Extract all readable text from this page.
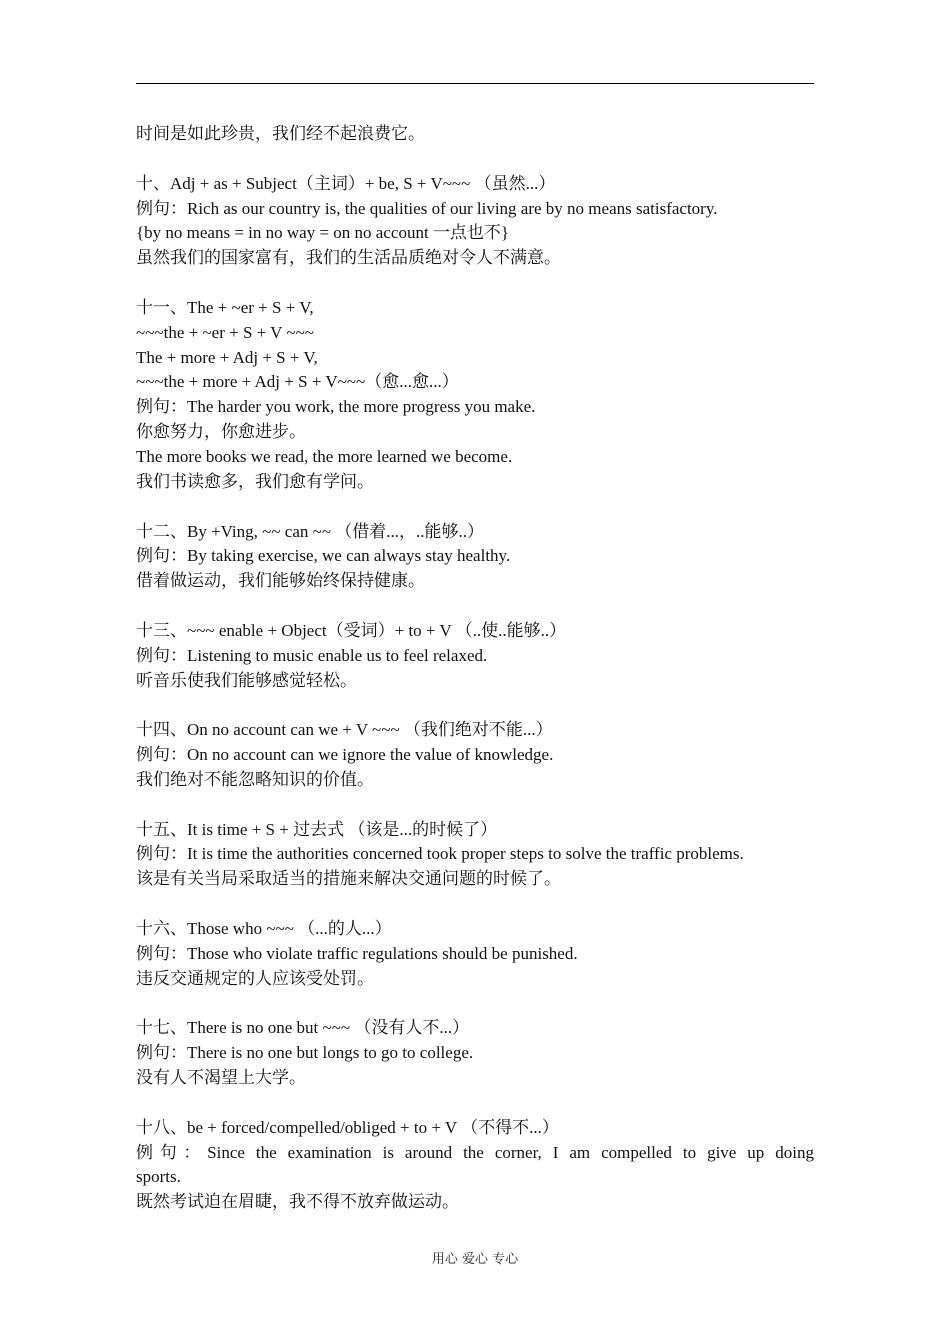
时间是如此珍贵，我们经不起浪费它。
十、Adj + as + Subject（主词）+ be, S + V~~~ （虽然...）
例句：Rich as our country is, the qualities of our living are by no means satisfactory.
{by no means = in no way = on no account 一点也不}
虽然我们的国家富有，我们的生活品质绝对令人不满意。
十一、The + ~er + S + V,
~~~the + ~er + S + V ~~~
The + more + Adj + S + V,
~~~the + more + Adj + S + V~~~（愈...愈...）
例句：The harder you work, the more progress you make.
你愈努力，你愈进步。
The more books we read, the more learned we become.
我们书读愈多，我们愈有学问。
十二、By +Ving, ~~ can ~~ （借着...，..能够..）
例句：By taking exercise, we can always stay healthy.
借着做运动，我们能够始终保持健康。
十三、~~~ enable + Object（受词）+ to + V （..使..能够..）
例句：Listening to music enable us to feel relaxed.
听音乐使我们能够感觉轻松。
十四、On no account can we + V ~~~ （我们绝对不能...）
例句：On no account can we ignore the value of knowledge.
我们绝对不能忽略知识的价值。
十五、It is time + S + 过去式 （该是...的时候了）
例句：It is time the authorities concerned took proper steps to solve the traffic problems.
该是有关当局采取适当的措施来解决交通问题的时候了。
十六、Those who ~~~ （...的人...）
例句：Those who violate traffic regulations should be punished.
违反交通规定的人应该受处罚。
十七、There is no one but ~~~ （没有人不...）
例句：There is no one but longs to go to college.
没有人不渴望上大学。
十八、be + forced/compelled/obliged + to + V （不得不...）
例句：Since the examination is around the corner, I am compelled to give up doing
sports.
既然考试迫在眉睫，我不得不放弃做运动。
用心 爱心 专心
